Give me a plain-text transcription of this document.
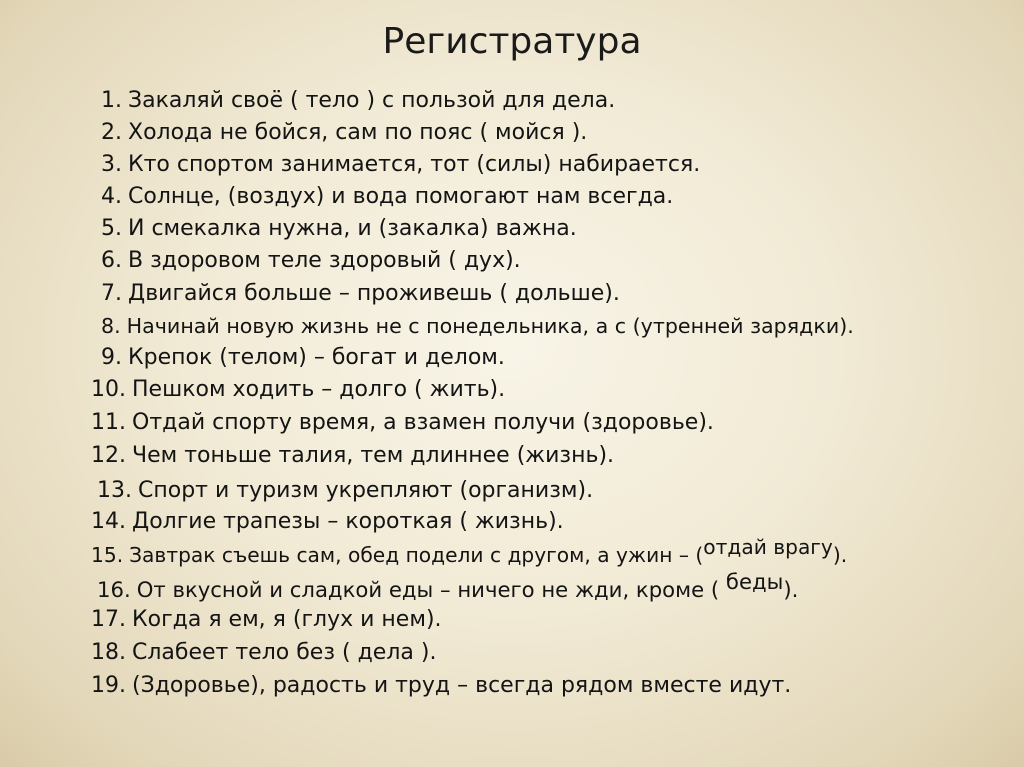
Регистратура
1. Закаляй своё ( тело ) с пользой для дела.
2. Холода не бойся, сам по пояс ( мойся ).
3. Кто спортом занимается, тот (силы) набирается.
4. Солнце, (воздух) и вода помогают нам всегда.
5. И смекалка нужна, и (закалка) важна.
6. В здоровом теле здоровый ( дух).
7. Двигайся больше – проживешь ( дольше).
8. Начинай новую жизнь не с понедельника, а с (утренней зарядки).
9. Крепок (телом) – богат и делом.
10. Пешком ходить – долго ( жить).
11. Отдай спорту время, а взамен получи (здоровье).
12. Чем тоньше талия, тем длиннее (жизнь).
13. Спорт и туризм укрепляют (организм).
14. Долгие трапезы – короткая ( жизнь).
15. Завтрак съешь сам, обед подели с другом, а ужин – (отдай врагу).
16. От вкусной и сладкой еды – ничего не жди, кроме ( беды).
17. Когда я ем, я (глух и нем).
18. Слабеет тело без ( дела ).
19. (Здоровье), радость и труд – всегда рядом вместе идут.
